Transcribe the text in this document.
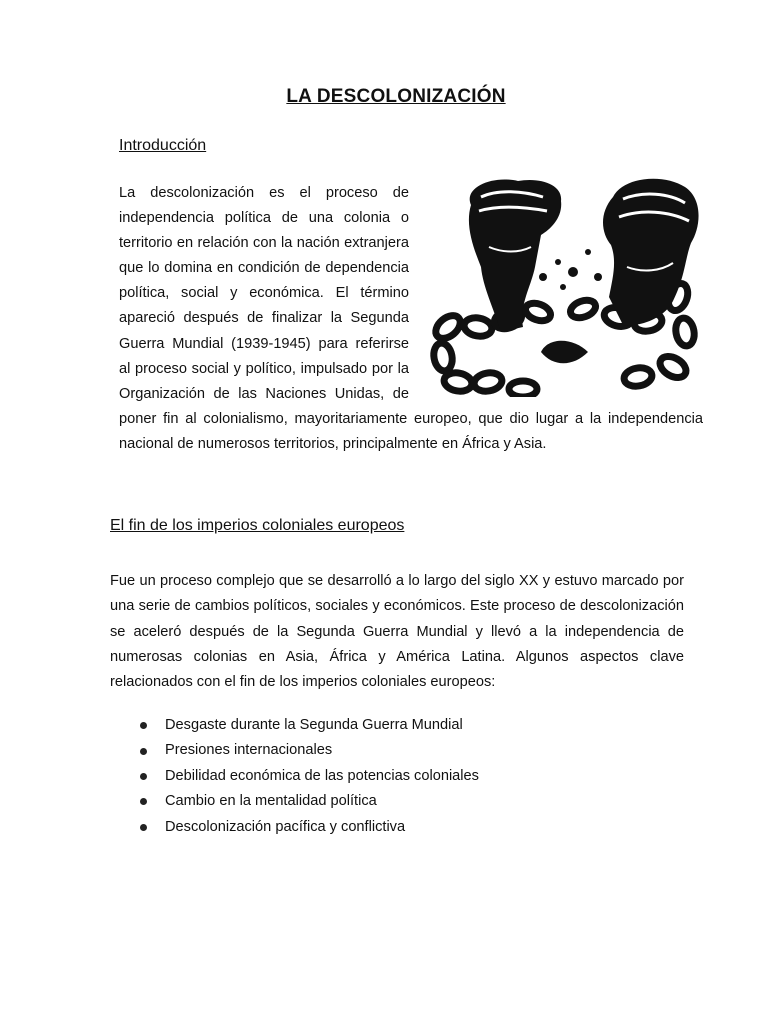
LA DESCOLONIZACIÓN
Introducción
La descolonización es el proceso de independencia política de una colonia o territorio en relación con la nación extranjera que lo domina en condición de dependencia política, social y económica. El término apareció después de finalizar la Segunda Guerra Mundial (1939-1945) para referirse al proceso social y político, impulsado por la Organización de las Naciones Unidas, de poner fin al colonialismo, mayoritariamente europeo, que dio lugar a la independencia nacional de numerosos territorios, principalmente en África y Asia.
El fin de los imperios coloniales europeos

Fue un proceso complejo que se desarrolló a lo largo del siglo XX y estuvo marcado por una serie de cambios políticos, sociales y económicos. Este proceso de descolonización se aceleró después de la Segunda Guerra Mundial y llevó a la independencia de numerosas colonias en Asia, África y América Latina. Algunos aspectos clave relacionados con el fin de los imperios coloniales europeos:

Desgaste durante la Segunda Guerra Mundial
Presiones internacionales
Debilidad económica de las potencias coloniales
Cambio en la mentalidad política
Descolonización pacífica y conflictiva
